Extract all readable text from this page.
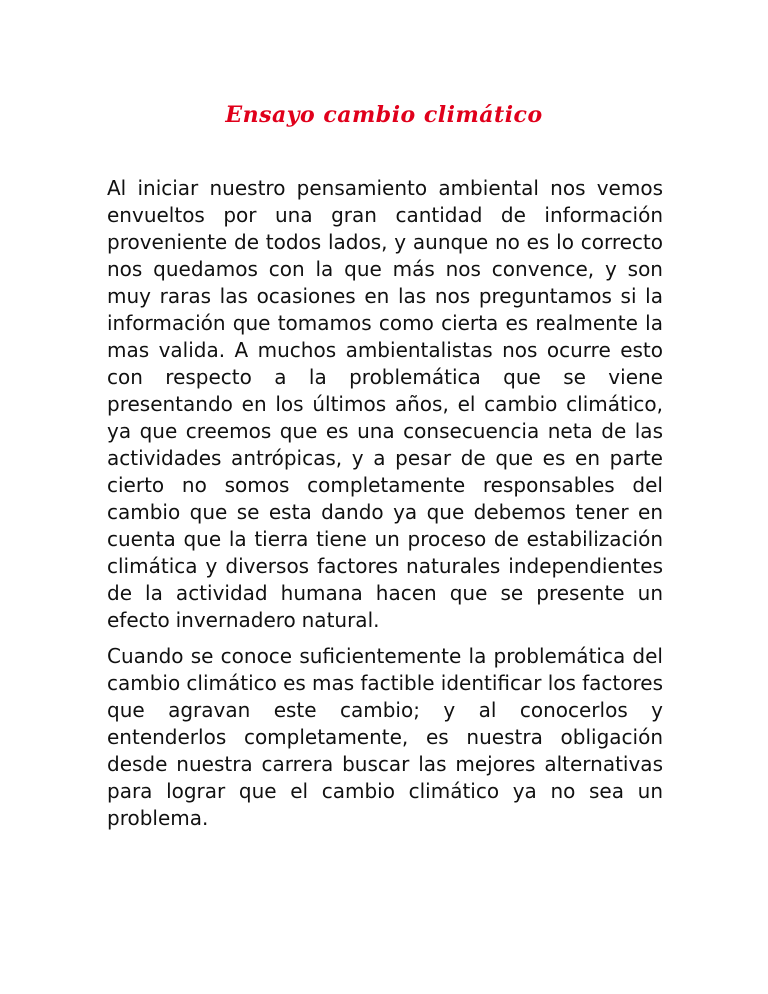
Ensayo cambio climático

Al iniciar nuestro pensamiento ambiental nos vemos envueltos por una gran cantidad de información proveniente de todos lados, y aunque no es lo correcto nos quedamos con la que más nos convence, y son muy raras las ocasiones en las nos preguntamos si la información que tomamos como cierta es realmente la mas valida. A muchos ambientalistas nos ocurre esto con respecto a la problemática que se viene presentando en los últimos años, el cambio climático, ya que creemos que es una consecuencia neta de las actividades antrópicas, y a pesar de que es en parte cierto no somos completamente responsables del cambio que se esta dando ya que debemos tener en cuenta que la tierra tiene un proceso de estabilización climática y diversos factores naturales independientes de la actividad humana hacen que se presente un efecto invernadero natural.

Cuando se conoce suficientemente la problemática del cambio climático es mas factible identificar los factores que agravan este cambio; y al conocerlos y entenderlos completamente, es nuestra obligación desde nuestra carrera buscar las mejores alternativas para lograr que el cambio climático ya no sea un problema.
